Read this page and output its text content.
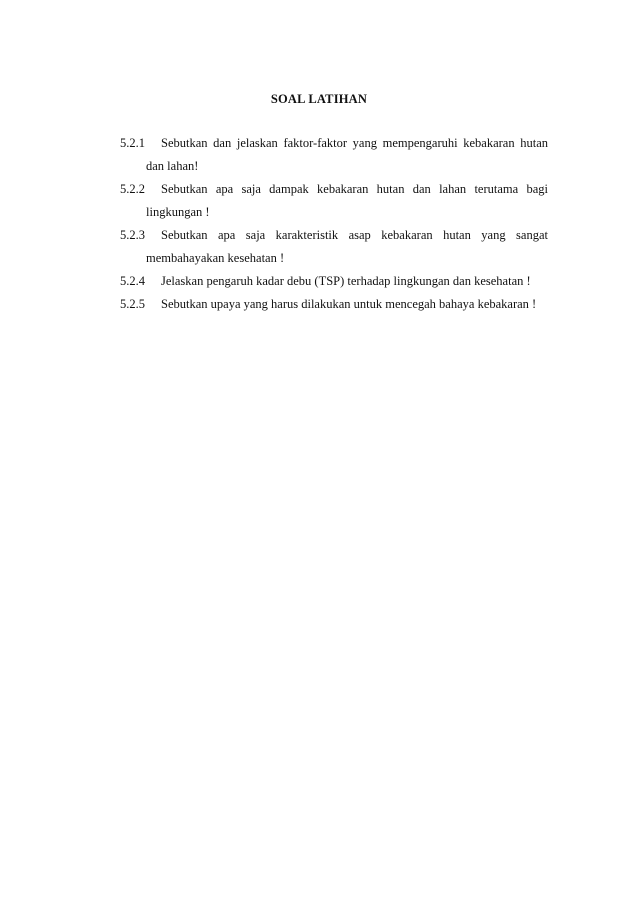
SOAL LATIHAN
5.2.1 Sebutkan dan jelaskan faktor-faktor yang mempengaruhi kebakaran hutan
dan lahan!
5.2.2 Sebutkan apa saja dampak kebakaran hutan dan lahan terutama bagi
lingkungan !
5.2.3 Sebutkan apa saja karakteristik asap kebakaran hutan yang sangat
membahayakan kesehatan !
5.2.4 Jelaskan pengaruh kadar debu (TSP) terhadap lingkungan dan kesehatan !
5.2.5 Sebutkan upaya yang harus dilakukan untuk mencegah bahaya kebakaran !
